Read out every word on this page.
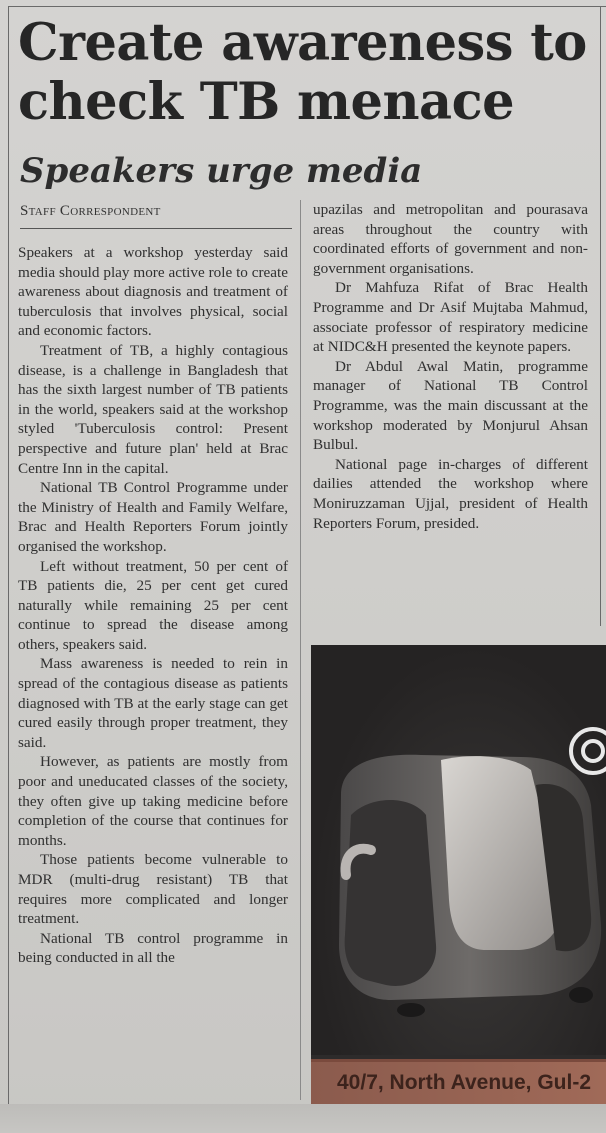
Create awareness to
check TB menace
Speakers urge media
Staff Correspondent

Speakers at a workshop yesterday said media should play more active role to create awareness about diagnosis and treatment of tuberculosis that involves physical, social and economic factors.

Treatment of TB, a highly contagious disease, is a challenge in Bangladesh that has the sixth largest number of TB patients in the world, speakers said at the workshop styled 'Tuberculosis control: Present perspective and future plan' held at Brac Centre Inn in the capital.

National TB Control Programme under the Ministry of Health and Family Welfare, Brac and Health Reporters Forum jointly organised the workshop.

Left without treatment, 50 per cent of TB patients die, 25 per cent get cured naturally while remaining 25 per cent continue to spread the disease among others, speakers said.

Mass awareness is needed to rein in spread of the contagious disease as patients diagnosed with TB at the early stage can get cured easily through proper treatment, they said.

However, as patients are mostly from poor and uneducated classes of the society, they often give up taking medicine before completion of the course that continues for months.

Those patients become vulnerable to MDR (multi-drug resistant) TB that requires more complicated and longer treatment.

National TB control programme in being conducted in all the

upazilas and metropolitan and pourasava areas throughout the country with coordinated efforts of government and non-government organisations.

Dr Mahfuza Rifat of Brac Health Programme and Dr Asif Mujtaba Mahmud, associate professor of respiratory medicine at NIDC&H presented the keynote papers.

Dr Abdul Awal Matin, programme manager of National TB Control Programme, was the main discussant at the workshop moderated by Monjurul Ahsan Bulbul.

National page in-charges of different dailies attended the workshop where Moniruzzaman Ujjal, president of Health Reporters Forum, presided.

40/7, North Avenue, Gul-2
